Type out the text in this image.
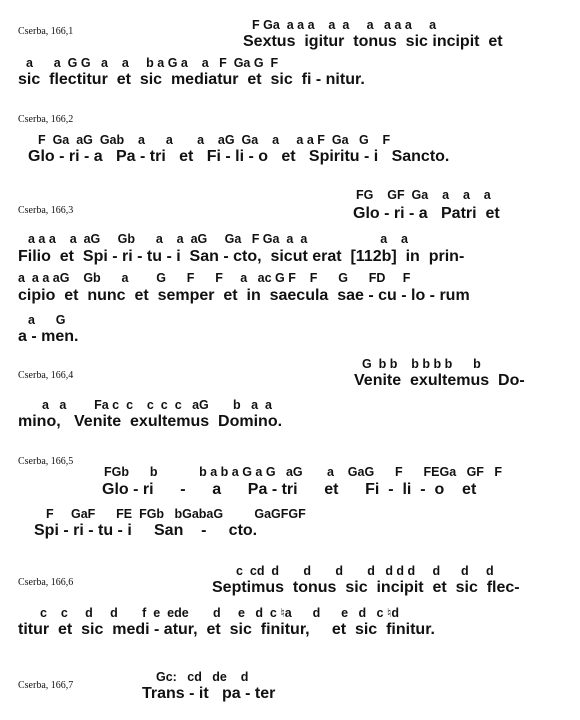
Cserba, 166,1	F Ga  a a a    a  a     a   a a a     a
Sextus  igitur  tonus  sic incipit  et
a      a  G G   a    a     b a G a    a   F  Ga G  F
sic  flectitur  et  sic  mediatur  et  sic  fi - nitur.
Cserba, 166,2
F  Ga  aG  Gab    a      a       a    aG  Ga    a     a a F  Ga   G    F
Glo - ri - a   Pa - tri   et   Fi - li - o   et   Spiritu - i   Sancto.
Cserba, 166,3
FG    GF  Ga    a    a    a
Glo - ri - a   Patri  et
a a a    a  aG     Gb      a    a  aG     Ga   F Ga  a  a                     a    a
Filio  et  Spi - ri - tu - i  San - cto,  sicut erat  [112b]  in  prin-
a  a a aG    Gb      a        G      F      F     a   ac G F    F      G      FD     F
cipio  et  nunc  et  semper  et  in  saecula  sae - cu - lo - rum
a      G
a - men.
Cserba, 166,4
G  b b    b b b b      b
Venite  exultemus  Do-
a   a        Fa c  c    c  c  c   aG       b   a  a
mino,   Venite  exultemus  Domino.
Cserba, 166,5
FGb      b            b a b a G a G   aG       a    GaG      F      FEGa   GF   F
Glo - ri      -      a      Pa - tri      et      Fi  -  li  -  o    et
F     GaF      FE  FGb   bGabaG         GaGFGF
Spi - ri - tu - i     San    -     cto.
Cserba, 166,6
c  cd  d       d       d       d   d d d     d      d     d
Septimus  tonus  sic  incipit  et  sic  flec-
c    c     d     d       f  e  ede       d     e   d  c ♮a      d      e   d   c ♮d
titur  et  sic  medi - atur,  et  sic  finitur,     et  sic  finitur.
Cserba, 166,7
Gc:   cd   de    d
Trans - it   pa - ter
